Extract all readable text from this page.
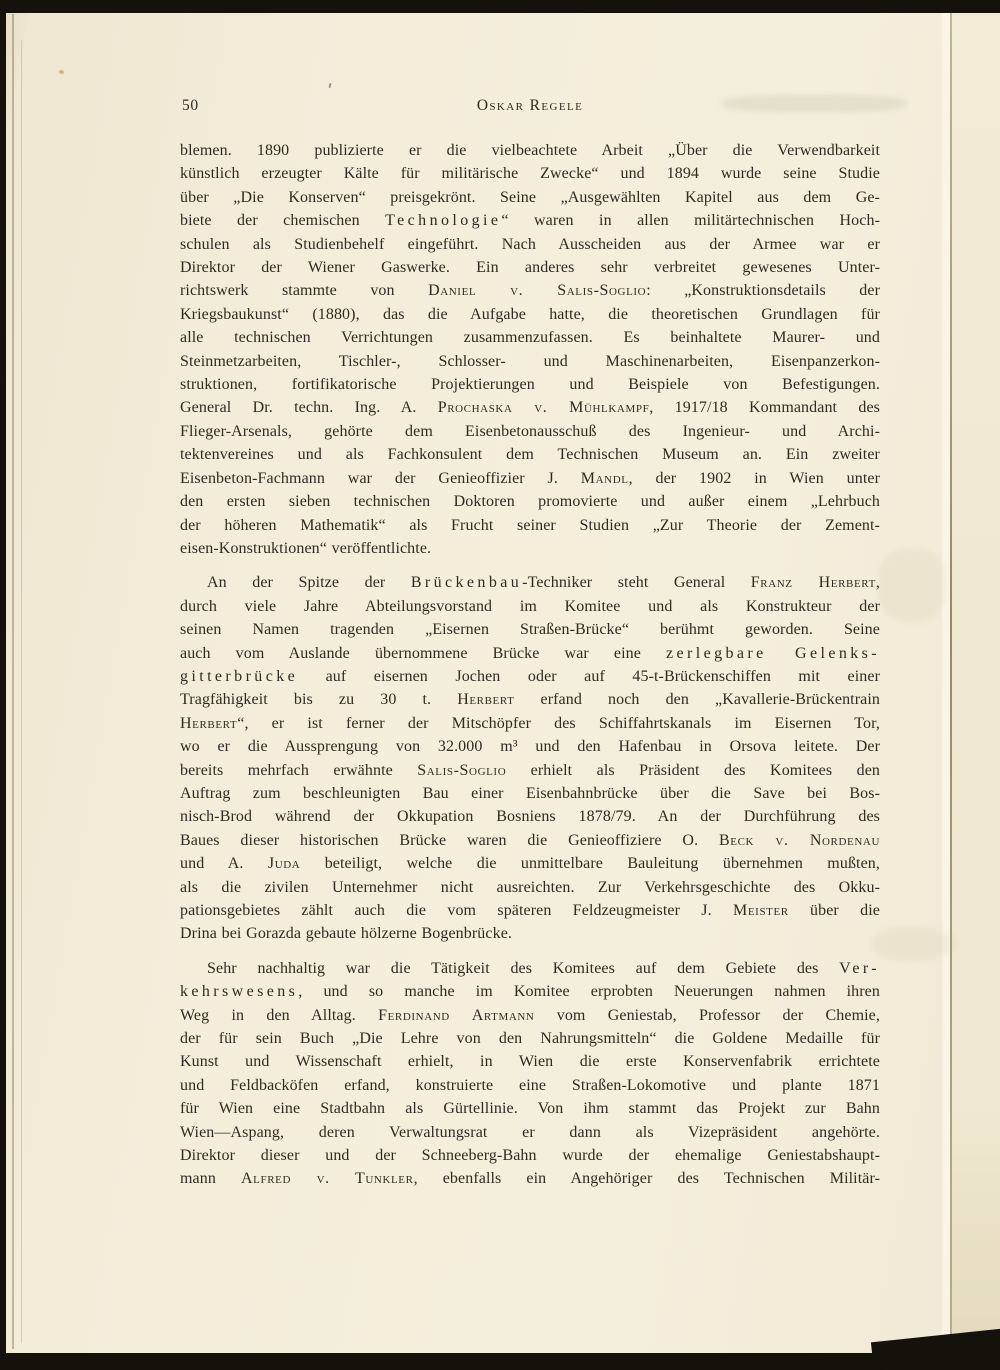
50	Oskar Regele
blemen. 1890 publizierte er die vielbeachtete Arbeit „Über die Verwendbarkeit
künstlich erzeugter Kälte für militärische Zwecke“ und 1894 wurde seine Studie
über „Die Konserven“ preisgekrönt. Seine „Ausgewählten Kapitel aus dem Ge-
biete der chemischen Technologie“ waren in allen militärtechnischen Hoch-
schulen als Studienbehelf eingeführt. Nach Ausscheiden aus der Armee war er
Direktor der Wiener Gaswerke. Ein anderes sehr verbreitet gewesenes Unter-
richtswerk stammte von Daniel v. Salis-Soglio: „Konstruktionsdetails der
Kriegsbaukunst“ (1880), das die Aufgabe hatte, die theoretischen Grundlagen für
alle technischen Verrichtungen zusammenzufassen. Es beinhaltete Maurer- und
Steinmetzarbeiten, Tischler-, Schlosser- und Maschinenarbeiten, Eisenpanzerkon-
struktionen, fortifikatorische Projektierungen und Beispiele von Befestigungen.
General Dr. techn. Ing. A. Prochaska v. Mühlkampf, 1917/18 Kommandant des
Flieger-Arsenals, gehörte dem Eisenbetonausschuß des Ingenieur- und Archi-
tektenvereines und als Fachkonsulent dem Technischen Museum an. Ein zweiter
Eisenbeton-Fachmann war der Genieoffizier J. Mandl, der 1902 in Wien unter
den ersten sieben technischen Doktoren promovierte und außer einem „Lehrbuch
der höheren Mathematik“ als Frucht seiner Studien „Zur Theorie der Zement-
eisen-Konstruktionen“ veröffentlichte.
An der Spitze der Brückenbau-Techniker steht General Franz Herbert,
durch viele Jahre Abteilungsvorstand im Komitee und als Konstrukteur der
seinen Namen tragenden „Eisernen Straßen-Brücke“ berühmt geworden. Seine
auch vom Auslande übernommene Brücke war eine zerlegbare Gelenks-
gitterbrücke auf eisernen Jochen oder auf 45-t-Brückenschiffen mit einer
Tragfähigkeit bis zu 30 t. Herbert erfand noch den „Kavallerie-Brückentrain
Herbert“, er ist ferner der Mitschöpfer des Schiffahrtskanals im Eisernen Tor,
wo er die Aussprengung von 32.000 m³ und den Hafenbau in Orsova leitete. Der
bereits mehrfach erwähnte Salis-Soglio erhielt als Präsident des Komitees den
Auftrag zum beschleunigten Bau einer Eisenbahnbrücke über die Save bei Bos-
nisch-Brod während der Okkupation Bosniens 1878/79. An der Durchführung des
Baues dieser historischen Brücke waren die Genieoffiziere O. Beck v. Nordenau
und A. Juda beteiligt, welche die unmittelbare Bauleitung übernehmen mußten,
als die zivilen Unternehmer nicht ausreichten. Zur Verkehrsgeschichte des Okku-
pationsgebietes zählt auch die vom späteren Feldzeugmeister J. Meister über die
Drina bei Gorazda gebaute hölzerne Bogenbrücke.
Sehr nachhaltig war die Tätigkeit des Komitees auf dem Gebiete des Ver-
kehrswesens, und so manche im Komitee erprobten Neuerungen nahmen ihren
Weg in den Alltag. Ferdinand Artmann vom Geniestab, Professor der Chemie,
der für sein Buch „Die Lehre von den Nahrungsmitteln“ die Goldene Medaille für
Kunst und Wissenschaft erhielt, in Wien die erste Konservenfabrik errichtete
und Feldbacköfen erfand, konstruierte eine Straßen-Lokomotive und plante 1871
für Wien eine Stadtbahn als Gürtellinie. Von ihm stammt das Projekt zur Bahn
Wien—Aspang, deren Verwaltungsrat er dann als Vizepräsident angehörte.
Direktor dieser und der Schneeberg-Bahn wurde der ehemalige Geniestabshaupt-
mann Alfred v. Tunkler, ebenfalls ein Angehöriger des Technischen Militär-
